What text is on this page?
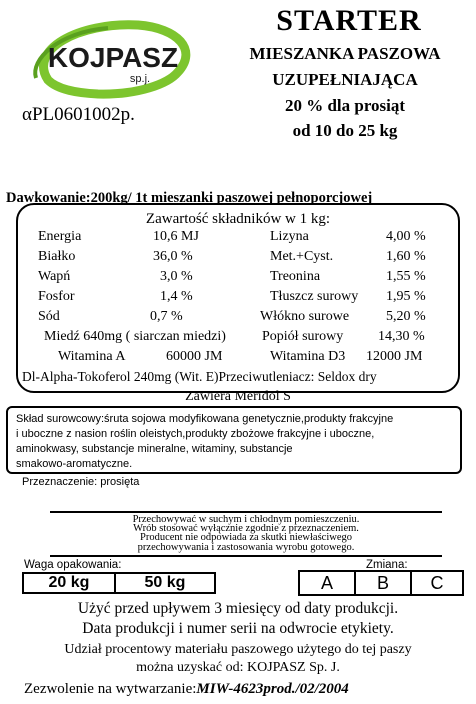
KOJPASZ
sp.j.
αPL0601002p.
STARTER
MIESZANKA PASZOWA
UZUPEŁNIAJĄCA
20 % dla prosiąt
od 10 do 25 kg
Dawkowanie:200kg/ 1t mieszanki paszowej pełnoporcjowej
Zawartość składników w 1 kg:
Energia	10,6 MJ	Lizyna	4,00 %
Białko	36,0 %	Met.+Cyst.	1,60 %
Wapń	3,0 %	Treonina	1,55 %
Fosfor	1,4 %	Tłuszcz surowy 1,95 %
Sód	0,7 %	Włókno surowe	5,20 %
Miedź 640mg ( siarczan miedzi)	Popiół surowy 14,30 %
Witamina A	60000 JM	Witamina D3 12000 JM
Dl-Alpha-Tokoferol 240mg (Wit. E)Przeciwutleniacz: Seldox dry
Zawiera Meridol S
Skład surowcowy:śruta sojowa modyfikowana genetycznie,produkty frakcyjne
i uboczne z nasion roślin oleistych,produkty zbożowe frakcyjne i uboczne,
aminokwasy, substancje mineralne, witaminy, substancje
smakowo-aromatyczne.
Przeznaczenie: prosięta
Przechowywać w suchym i chłodnym pomieszczeniu.
Wrób stosować wyłącznie zgodnie z przeznaczeniem.
Producent nie odpowiada za skutki niewłaściwego
przechowywania i zastosowania wyrobu gotowego.
Waga opakowania:
20 kg	50 kg
Zmiana:
A	B	C
Użyć przed upływem 3 miesięcy od daty produkcji.
Data produkcji i numer serii na odwrocie etykiety.
Udział procentowy materiału paszowego użytego do tej paszy
można uzyskać od: KOJPASZ Sp. J.
Zezwolenie na wytwarzanie:MIW-4623prod./02/2004
